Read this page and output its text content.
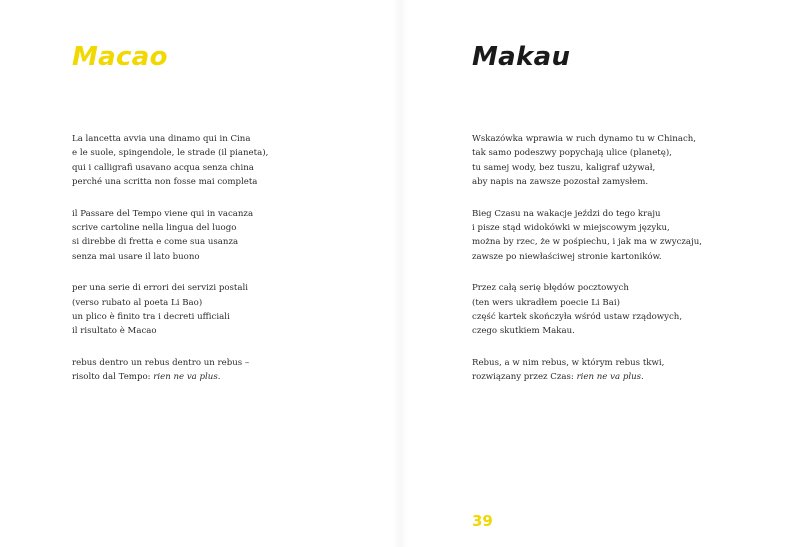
Macao

La lancetta avvia una dinamo qui in Cina
e le suole, spingendole, le strade (il pianeta),
qui i calligrafi usavano acqua senza china
perché una scritta non fosse mai completa

il Passare del Tempo viene qui in vacanza
scrive cartoline nella lingua del luogo
si direbbe di fretta e come sua usanza
senza mai usare il lato buono

per una serie di errori dei servizi postali
(verso rubato al poeta Li Bao)
un plico è finito tra i decreti ufficiali
il risultato è Macao

rebus dentro un rebus dentro un rebus –
risolto dal Tempo: rien ne va plus.

Makau

Wskazówka wprawia w ruch dynamo tu w Chinach,
tak samo podeszwy popychają ulice (planetę),
tu samej wody, bez tuszu, kaligraf używał,
aby napis na zawsze pozostał zamysłem.

Bieg Czasu na wakacje jeździ do tego kraju
i pisze stąd widokówki w miejscowym języku,
można by rzec, że w pośpiechu, i jak ma w zwyczaju,
zawsze po niewłaściwej stronie kartoników.

Przez całą serię błędów pocztowych
(ten wers ukradłem poecie Li Bai)
część kartek skończyła wśród ustaw rządowych,
czego skutkiem Makau.

Rebus, a w nim rebus, w którym rebus tkwi,
rozwiązany przez Czas: rien ne va plus.

39
